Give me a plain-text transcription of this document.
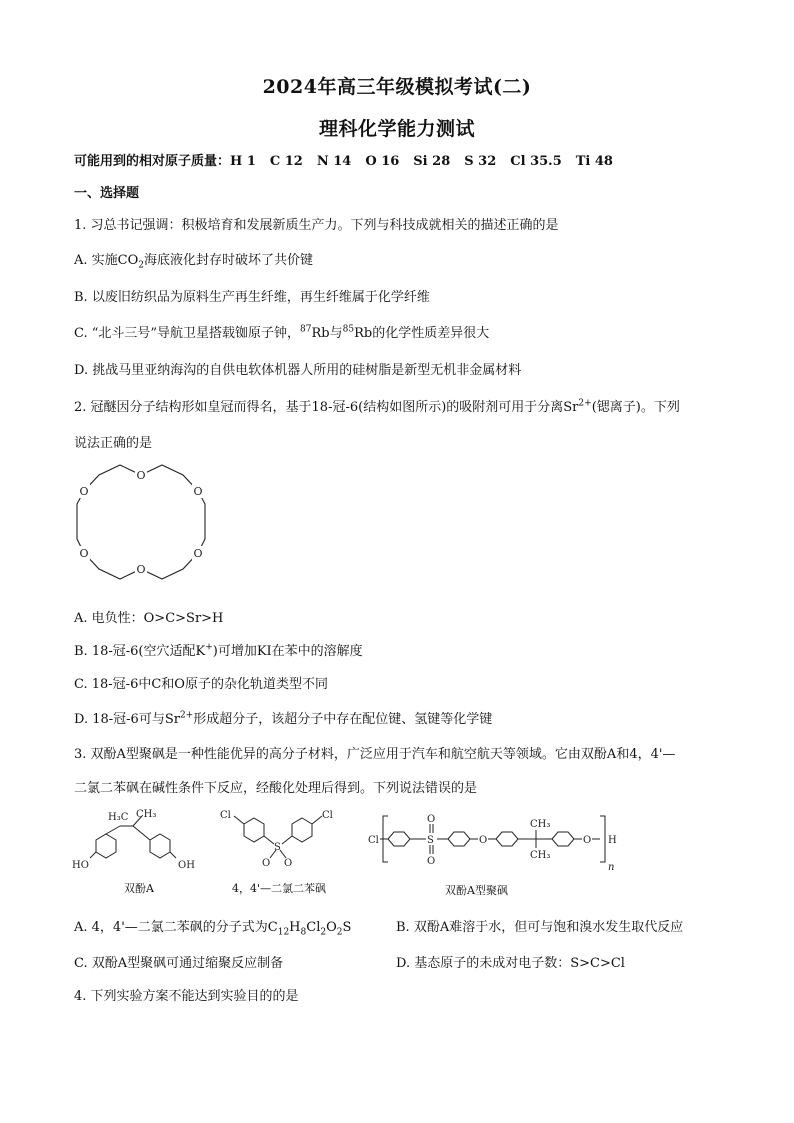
2024年高三年级模拟考试(二)
理科化学能力测试
可能用到的相对原子质量：H 1 C 12 N 14 O 16 Si 28 S 32 Cl 35.5 Ti 48
一、选择题
1. 习总书记强调：积极培育和发展新质生产力。下列与科技成就相关的描述正确的是
A. 实施$CO_2$海底液化封存时破坏了共价键
B. 以废旧纺织品为原料生产再生纤维，再生纤维属于化学纤维
C. “北斗三号”导航卫星搭载铷原子钟，$^{87}$Rb与$^{85}$Rb的化学性质差异很大
D. 挑战马里亚纳海沟的自供电软体机器人所用的硅树脂是新型无机非金属材料
2. 冠醚因分子结构形如皇冠而得名，基于18-冠-6(结构如图所示)的吸附剂可用于分离$Sr^{2+}$(锶离子)。下列
说法正确的是
O
O
O
O
O
O
A. 电负性：O>C>Sr>H
B. 18-冠-6(空穴适配K+)可增加KI在苯中的溶解度
C. 18-冠-6中C和O原子的杂化轨道类型不同
D. 18-冠-6可与$Sr^{2+}$形成超分子，该超分子中存在配位键、氢键等化学键
3. 双酚A型聚砜是一种性能优异的高分子材料，广泛应用于汽车和航空航天等领域。它由双酚A和4，4'—
二氯二苯砜在碱性条件下反应，经酸化处理后得到。下列说法错误的是
H₃C CH₃
HO	OH
双酚A
Cl	Cl
S
O O
4，4'—二氯二苯砜
Cl	S
O
O
O
CH₃
CH₃
O H
n
双酚A型聚砜
A. 4，4'—二氯二苯砜的分子式为$C_{12}H_8Cl_2O_2S$	B. 双酚A难溶于水，但可与饱和溴水发生取代反应
C. 双酚A型聚砜可通过缩聚反应制备	D. 基态原子的未成对电子数：S>C>Cl
4. 下列实验方案不能达到实验目的的是
